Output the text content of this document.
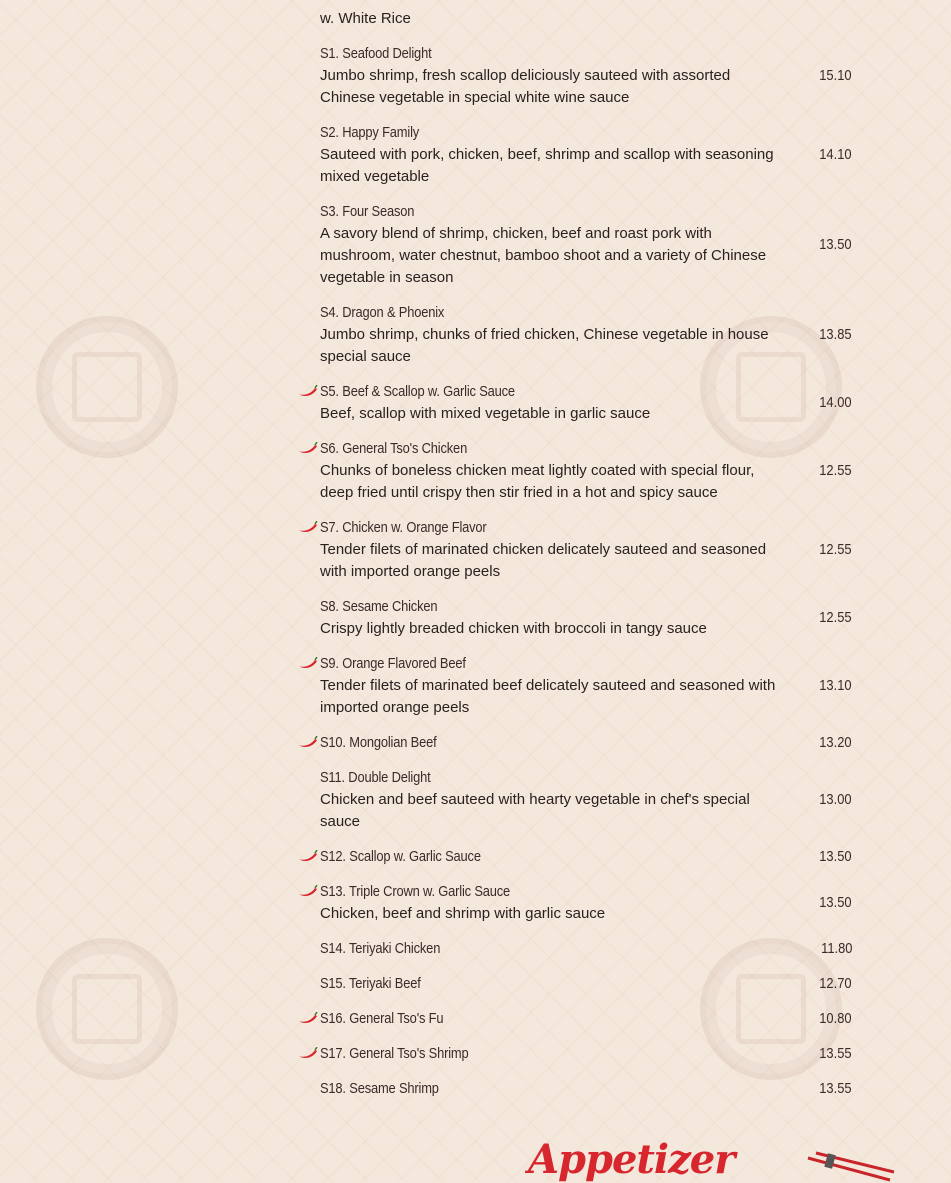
w. White Rice
S1. Seafood Delight
Jumbo shrimp, fresh scallop deliciously sauteed with assorted Chinese vegetable in special white wine sauce
15.10
S2. Happy Family
Sauteed with pork, chicken, beef, shrimp and scallop with seasoning mixed vegetable
14.10
S3. Four Season
A savory blend of shrimp, chicken, beef and roast pork with mushroom, water chestnut, bamboo shoot and a variety of Chinese vegetable in season
13.50
S4. Dragon & Phoenix
Jumbo shrimp, chunks of fried chicken, Chinese vegetable in house special sauce
13.85
S5. Beef & Scallop w. Garlic Sauce
Beef, scallop with mixed vegetable in garlic sauce
14.00
S6. General Tso's Chicken
Chunks of boneless chicken meat lightly coated with special flour, deep fried until crispy then stir fried in a hot and spicy sauce
12.55
S7. Chicken w. Orange Flavor
Tender filets of marinated chicken delicately sauteed and seasoned with imported orange peels
12.55
S8. Sesame Chicken
Crispy lightly breaded chicken with broccoli in tangy sauce
12.55
S9. Orange Flavored Beef
Tender filets of marinated beef delicately sauteed and seasoned with imported orange peels
13.10
S10. Mongolian Beef	13.20
S11. Double Delight
Chicken and beef sauteed with hearty vegetable in chef's special sauce
13.00
S12. Scallop w. Garlic Sauce	13.50
S13. Triple Crown w. Garlic Sauce
Chicken, beef and shrimp with garlic sauce
13.50
S14. Teriyaki Chicken	11.80
S15. Teriyaki Beef	12.70
S16. General Tso's Fu	10.80
S17. General Tso's Shrimp	13.55
S18. Sesame Shrimp	13.55
Appetizer
